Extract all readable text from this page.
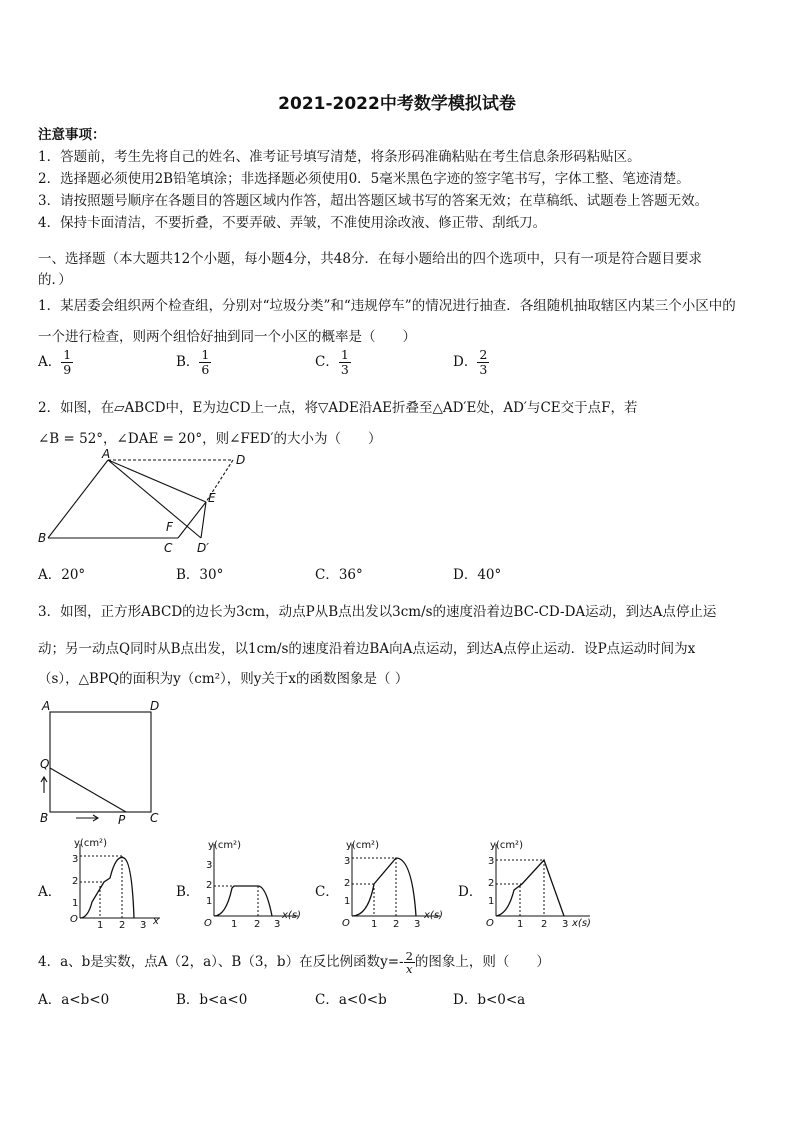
2021-2022中考数学模拟试卷
注意事项：
1．答题前，考生先将自己的姓名、准考证号填写清楚，将条形码准确粘贴在考生信息条形码粘贴区。
2．选择题必须使用2B铅笔填涂；非选择题必须使用0．5毫米黑色字迹的签字笔书写，字体工整、笔迹清楚。
3．请按照题号顺序在各题目的答题区域内作答，超出答题区域书写的答案无效；在草稿纸、试题卷上答题无效。
4．保持卡面清洁，不要折叠，不要弄破、弄皱，不准使用涂改液、修正带、刮纸刀。
一、选择题（本大题共12个小题，每小题4分，共48分．在每小题给出的四个选项中，只有一项是符合题目要求
的．）
1．某居委会组织两个检查组，分别对“垃圾分类”和“违规停车”的情况进行抽查．各组随机抽取辖区内某三个小区中的
一个进行检查，则两个组恰好抽到同一个小区的概率是（　　）
A． $\frac{1}{9}$	B． $\frac{1}{6}$	C． $\frac{1}{3}$	D． $\frac{2}{3}$
2．如图，在▱ABCD中，E为边CD上一点，将▽ADE沿AE折叠至△AD′E处，AD′与CE交于点F，若
∠B = 52°，∠DAE = 20°，则∠FED′的大小为（　　）
A	D
E
F
B
C D′
A．20°	B．30°	C．36°	D．40°
3．如图，正方形ABCD的边长为3cm，动点P从B点出发以3cm/s的速度沿着边BC-CD-DA运动，到达A点停止运
动；另一动点Q同时从B点出发，以1cm/s的速度沿着边BA向A点运动，到达A点停止运动．设P点运动时间为x
（s），△BPQ的面积为y（cm²），则y关于x的函数图象是（ ）
A	D
Q
B	P C
A．
y(cm²)
O
1
2
3
1 2 3 x
B．
y(cm²)
O
1
2
3
1 2 3
x(s)
C．
y(cm²)
O
1
2
3
1 2 3
x(s)
D．
y(cm²)
O
1
2
3
1 2 3 x(s)
4．a、b是实数，点A（2，a）、B（3，b）在反比例函数$y=- \frac{2}{x}$ 的图象上，则（　　）
A．a<b<0	B．b<a<0	C．a<0<b	D．b<0<a
